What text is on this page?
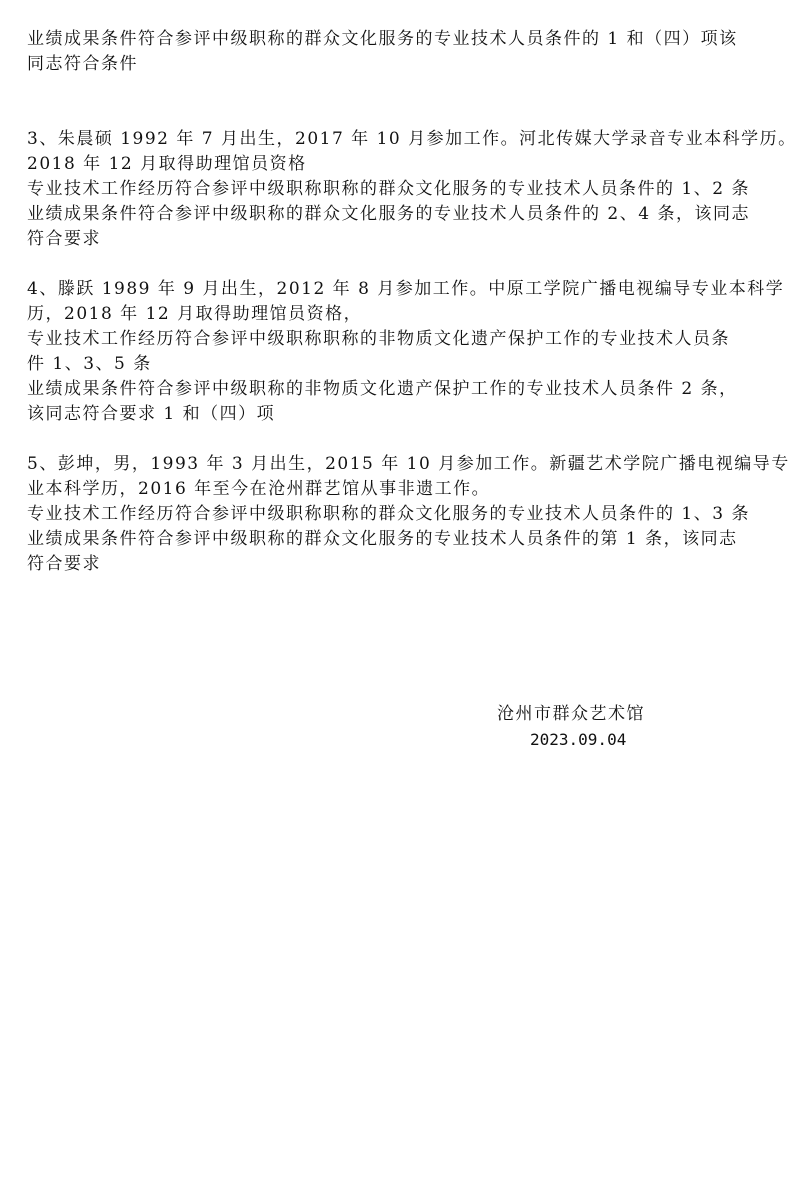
业绩成果条件符合参评中级职称的群众文化服务的专业技术人员条件的 1 和（四）项该
同志符合条件
3、朱晨硕 1992 年 7 月出生，2017 年 10 月参加工作。河北传媒大学录音专业本科学历。
2018 年 12 月取得助理馆员资格
专业技术工作经历符合参评中级职称职称的群众文化服务的专业技术人员条件的 1、2 条
业绩成果条件符合参评中级职称的群众文化服务的专业技术人员条件的 2、4 条，该同志
符合要求
4、滕跃 1989 年 9 月出生，2012 年 8 月参加工作。中原工学院广播电视编导专业本科学
历，2018 年 12 月取得助理馆员资格，
专业技术工作经历符合参评中级职称职称的非物质文化遗产保护工作的专业技术人员条
件 1、3、5 条
业绩成果条件符合参评中级职称的非物质文化遗产保护工作的专业技术人员条件 2 条，
该同志符合要求 1 和（四）项
5、彭坤，男，1993 年 3 月出生，2015 年 10 月参加工作。新疆艺术学院广播电视编导专
业本科学历，2016 年至今在沧州群艺馆从事非遗工作。
专业技术工作经历符合参评中级职称职称的群众文化服务的专业技术人员条件的 1、3 条
业绩成果条件符合参评中级职称的群众文化服务的专业技术人员条件的第 1 条，该同志
符合要求
沧州市群众艺术馆
2023.09.04
